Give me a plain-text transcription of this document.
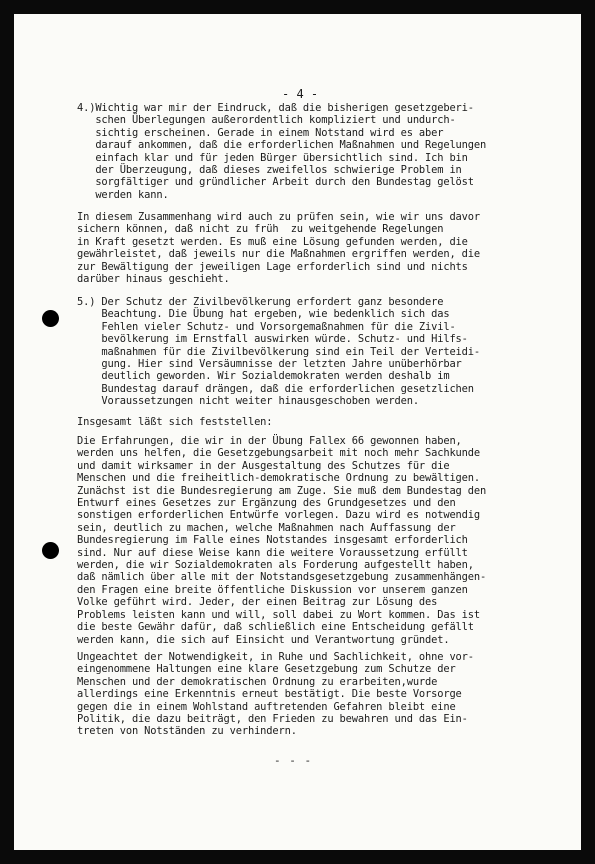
- 4 -
4.)Wichtig war mir der Eindruck, daß die bisherigen gesetzgeberi-
schen Überlegungen außerordentlich kompliziert und undurch-
sichtig erscheinen. Gerade in einem Notstand wird es aber
darauf ankommen, daß die erforderlichen Maßnahmen und Regelungen
einfach klar und für jeden Bürger übersichtlich sind. Ich bin
der Überzeugung, daß dieses zweifellos schwierige Problem in
sorgfältiger und gründlicher Arbeit durch den Bundestag gelöst
werden kann.
In diesem Zusammenhang wird auch zu prüfen sein, wie wir uns davor
sichern können, daß nicht zu früh  zu weitgehende Regelungen
in Kraft gesetzt werden. Es muß eine Lösung gefunden werden, die
gewährleistet, daß jeweils nur die Maßnahmen ergriffen werden, die
zur Bewältigung der jeweiligen Lage erforderlich sind und nichts
darüber hinaus geschieht.
5.) Der Schutz der Zivilbevölkerung erfordert ganz besondere
Beachtung. Die Übung hat ergeben, wie bedenklich sich das
Fehlen vieler Schutz- und Vorsorgemaßnahmen für die Zivil-
bevölkerung im Ernstfall auswirken würde. Schutz- und Hilfs-
maßnahmen für die Zivilbevölkerung sind ein Teil der Verteidi-
gung. Hier sind Versäumnisse der letzten Jahre unüberhörbar
deutlich geworden. Wir Sozialdemokraten werden deshalb im
Bundestag darauf drängen, daß die erforderlichen gesetzlichen
Voraussetzungen nicht weiter hinausgeschoben werden.
Insgesamt läßt sich feststellen:
Die Erfahrungen, die wir in der Übung Fallex 66 gewonnen haben,
werden uns helfen, die Gesetzgebungsarbeit mit noch mehr Sachkunde
und damit wirksamer in der Ausgestaltung des Schutzes für die
Menschen und die freiheitlich-demokratische Ordnung zu bewältigen.
Zunächst ist die Bundesregierung am Zuge. Sie muß dem Bundestag den
Entwurf eines Gesetzes zur Ergänzung des Grundgesetzes und den
sonstigen erforderlichen Entwürfe vorlegen. Dazu wird es notwendig
sein, deutlich zu machen, welche Maßnahmen nach Auffassung der
Bundesregierung im Falle eines Notstandes insgesamt erforderlich
sind. Nur auf diese Weise kann die weitere Voraussetzung erfüllt
werden, die wir Sozialdemokraten als Forderung aufgestellt haben,
daß nämlich über alle mit der Notstandsgesetzgebung zusammenhängen-
den Fragen eine breite öffentliche Diskussion vor unserem ganzen
Volke geführt wird. Jeder, der einen Beitrag zur Lösung des
Problems leisten kann und will, soll dabei zu Wort kommen. Das ist
die beste Gewähr dafür, daß schließlich eine Entscheidung gefällt
werden kann, die sich auf Einsicht und Verantwortung gründet.
Ungeachtet der Notwendigkeit, in Ruhe und Sachlichkeit, ohne vor-
eingenommene Haltungen eine klare Gesetzgebung zum Schutze der
Menschen und der demokratischen Ordnung zu erarbeiten,wurde
allerdings eine Erkenntnis erneut bestätigt. Die beste Vorsorge
gegen die in einem Wohlstand auftretenden Gefahren bleibt eine
Politik, die dazu beiträgt, den Frieden zu bewahren und das Ein-
treten von Notständen zu verhindern.
- - -
